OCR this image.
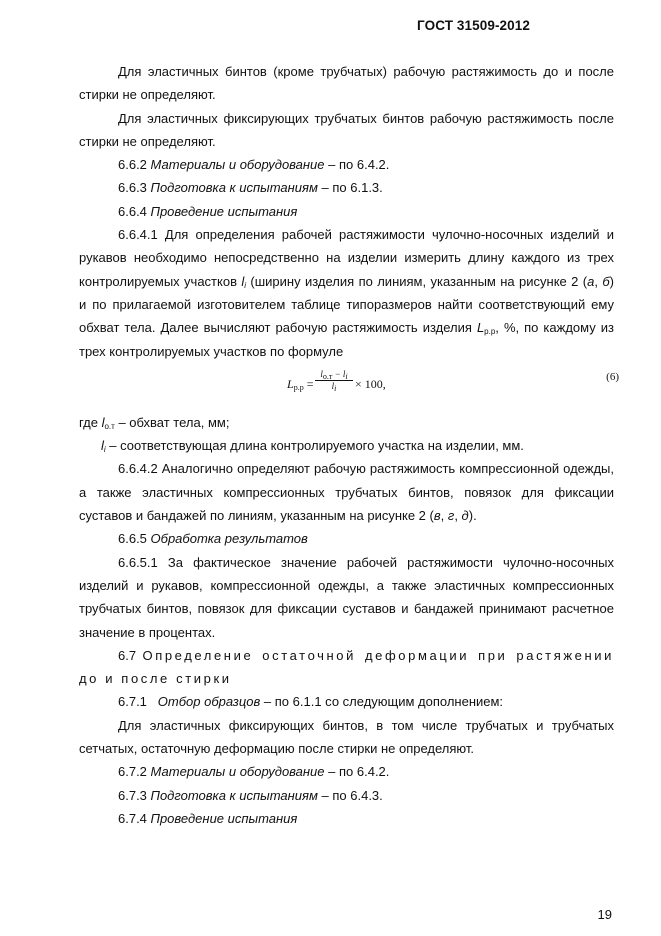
ГОСТ 31509-2012

Для эластичных бинтов (кроме трубчатых) рабочую растяжимость до и после стирки не определяют.

Для эластичных фиксирующих трубчатых бинтов рабочую растяжимость после стирки не определяют.

6.6.2 Материалы и оборудование – по 6.4.2.

6.6.3 Подготовка к испытаниям – по 6.1.3.

6.6.4 Проведение испытания

6.6.4.1 Для определения рабочей растяжимости чулочно-носочных изделий и рукавов необходимо непосредственно на изделии измерить длину каждого из трех контролируемых участков $l_i$ (ширину изделия по линиям, указанным на рисунке 2 (а, б) и по прилагаемой изготовителем таблице типоразмеров найти соответствующий ему обхват тела. Далее вычисляют рабочую растяжимость изделия $L_{р.р}$, %, по каждому из трех контролируемых участков по формуле

$L_{р.р}$ =
$l_{о.т} - l_i$
$l_i$	× 100,	(6)

где $l_{о.т}$ – обхват тела, мм;

$l_i$ – соответствующая длина контролируемого участка на изделии, мм.

6.6.4.2 Аналогично определяют рабочую растяжимость компрессионной одежды, а также эластичных компрессионных трубчатых бинтов, повязок для фиксации суставов и бандажей по линиям, указанным на рисунке 2 (в, г, д).

6.6.5 Обработка результатов

6.6.5.1 За фактическое значение рабочей растяжимости чулочно-носочных изделий и рукавов, компрессионной одежды, а также эластичных компрессионных трубчатых бинтов, повязок для фиксации суставов и бандажей принимают расчетное значение в процентах.

6.7 Определение остаточной деформации при растяжении до и после стирки

6.7.1   Отбор образцов – по 6.1.1 со следующим дополнением:

Для эластичных фиксирующих бинтов, в том числе трубчатых и трубчатых сетчатых, остаточную деформацию после стирки не определяют.

6.7.2 Материалы и оборудование – по 6.4.2.

6.7.3 Подготовка к испытаниям – по 6.4.3.

6.7.4 Проведение испытания

19
